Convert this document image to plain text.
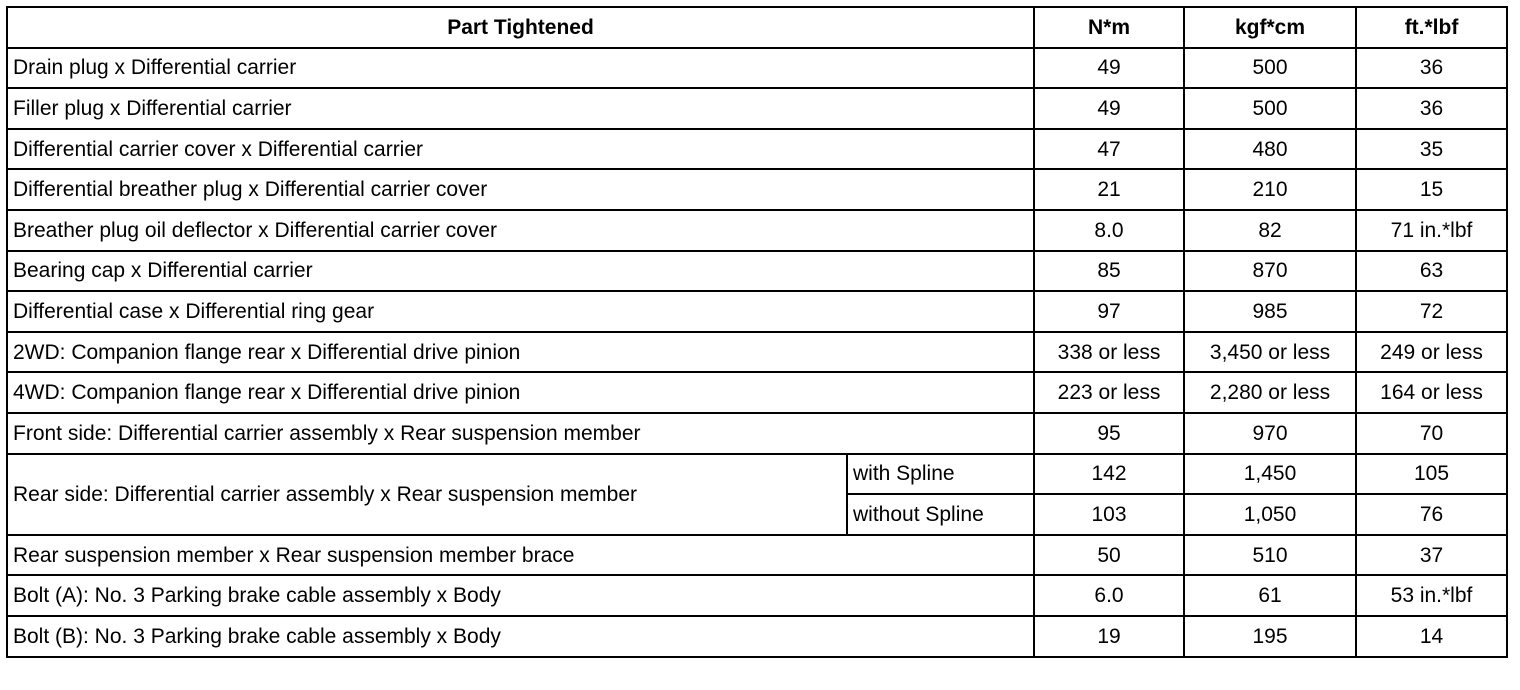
Part Tightened		N*m	kgf*cm	ft.*lbf
Drain plug x Differential carrier		49	500	36
Filler plug x Differential carrier		49	500	36
Differential carrier cover x Differential carrier		47	480	35
Differential breather plug x Differential carrier cover		21	210	15
Breather plug oil deflector x Differential carrier cover		8.0	82	71 in.*lbf
Bearing cap x Differential carrier		85	870	63
Differential case x Differential ring gear		97	985	72
2WD: Companion flange rear x Differential drive pinion		338 or less	3,450 or less	249 or less
4WD: Companion flange rear x Differential drive pinion		223 or less	2,280 or less	164 or less
Front side: Differential carrier assembly x Rear suspension member		95	970	70
Rear side: Differential carrier assembly x Rear suspension member	with Spline	142	1,450	105
	without Spline	103	1,050	76
Rear suspension member x Rear suspension member brace		50	510	37
Bolt (A): No. 3 Parking brake cable assembly x Body		6.0	61	53 in.*lbf
Bolt (B): No. 3 Parking brake cable assembly x Body		19	195	14
